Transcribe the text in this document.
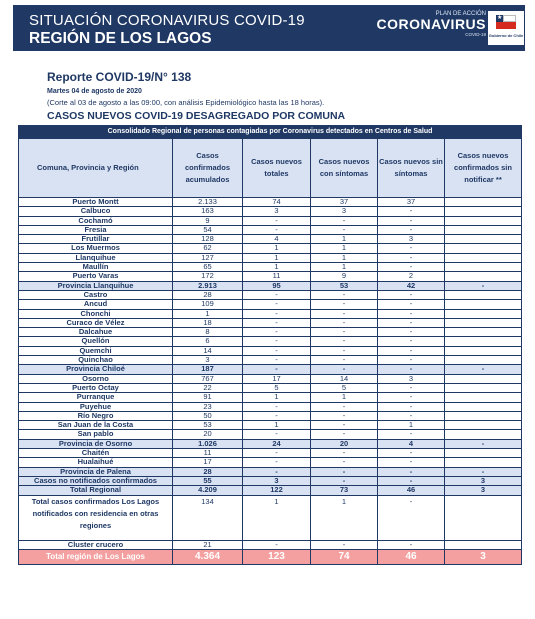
SITUACIÓN CORONAVIRUS COVID-19
REGIÓN DE LOS LAGOS
PLAN DE ACCIÓN
CORONAVIRUS
COVID-19
★
Gobierno de Chile
Reporte COVID-19/N° 138
Martes 04 de agosto de 2020
(Corte al 03 de agosto a las 09:00, con análisis Epidemiológico hasta las 18 horas).
CASOS NUEVOS COVID-19 DESAGREGADO POR COMUNA
Consolidado Regional de personas contagiadas por Coronavirus detectados en Centros de Salud					
Comuna, Provincia y Región	Casos confirmados acumulados	Casos nuevos totales	Casos nuevos con síntomas	Casos nuevos sin síntomas	Casos nuevos confirmados sin notificar **
Puerto Montt	2.133	74	37	37	
Calbuco	163	3	3	-	
Cochamó	9	-	-	-	
Fresia	54	-	-	-	
Frutillar	128	4	1	3	
Los Muermos	62	1	1	-	
Llanquihue	127	1	1	-	
Maullín	65	1	1	-	
Puerto Varas	172	11	9	2	
Provincia Llanquihue	2.913	95	53	42	-
Castro	28	-	-	-	
Ancud	109	-	-	-	
Chonchi	1	-	-	-	
Curaco de Vélez	18	-	-	-	
Dalcahue	8	-	-	-	
Quellón	6	-	-	-	
Quemchi	14	-	-	-	
Quinchao	3	-	-	-	
Provincia Chiloé	187	-	-	-	-
Osorno	767	17	14	3	
Puerto Octay	22	5	5	-	
Purranque	91	1	1	-	
Puyehue	23	-	-	-	
Río Negro	50	-	-	-	
San Juan de la Costa	53	1	-	1	
San pablo	20	-	-	-	
Provincia de Osorno	1.026	24	20	4	-
Chaitén	11	-	-	-	
Hualaihué	17	-	-	-	
Provincia de Palena	28	-	-	-	-
Casos no notificados confirmados	55	3	-	-	3
Total Regional	4.209	122	73	46	3
Total casos confirmados Los Lagos notificados con residencia en otras regiones	134	1	1	-	
Cluster crucero	21	-	-	-	
Total región de Los Lagos	4.364	123	74	46	3
